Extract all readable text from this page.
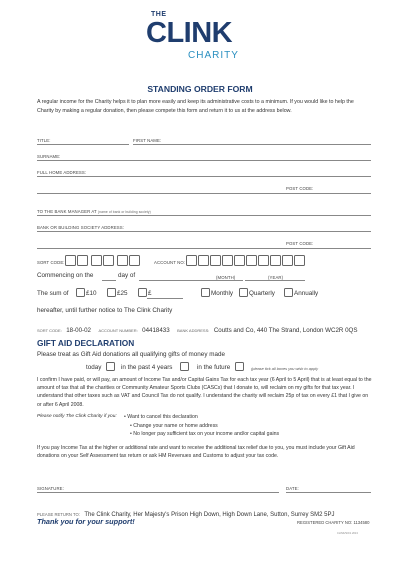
THE
CLINK
CHARITY
STANDING ORDER FORM
A regular income for the Charity helps it to plan more easily and keep its administrative costs to a minimum. If you would like to help the Charity by making a regular donation, then please compete this form and return it to us at the address below.
TITLE:	FIRST NAME:
SURNAME:
FULL HOME ADDRESS:
POST CODE:
TO THE BANK MANAGER AT (name of bank or building society)
BANK OR BUILDING SOCIETY ADDRESS:
POST CODE:
SORT CODE:	ACCOUNT NO:
Commencing on the	day of	(MONTH)	(YEAR)
The sum of	£10	£25	£	Monthly	Quarterly	Annually
hereafter, until further notice to The Clink Charity
SORT CODE: 18-00-02 ACCOUNT NUMBER: 04418433 BANK ADDRESS: Coutts and Co, 440 The Strand, London WC2R 0QS
GIFT AID DECLARATION
Please treat as Gift Aid donations all qualifying gifts of money made
today	in the past 4 years	in the future	(please tick all boxes you wish to apply
I confirm I have paid, or will pay, an amount of Income Tax and/or Capital Gains Tax for each tax year (6 April to 5 April) that is at least equal to the amount of tax that all the charities or Community Amateur Sports Clubs (CASCs) that I donate to, will reclaim on my gifts for that tax year. I understand that other taxes such as VAT and Council Tax do not qualify. I understand the charity will reclaim 25p of tax on every £1 that I give on or after 6 April 2008.
Please notify The Clink Charity if you: • Want to cancel this declaration
• Change your name or home address
• No longer pay sufficient tax on your income and/or capital gains
If you pay Income Tax at the higher or additional rate and want to receive the additional tax relief due to you, you must include your Gift Aid donations on your Self Assessment tax return or ask HM Revenues and Customs to adjust your tax code.
SIGNATURE:	DATE:
PLEASE RETURN TO: The Clink Charity, Her Majesty's Prison High Down, High Down Lane, Sutton, Surrey SM2 5PJ
Thank you for your support!	REGISTERED CHARITY NO: 1134580
CLINK/SO/1 2013
